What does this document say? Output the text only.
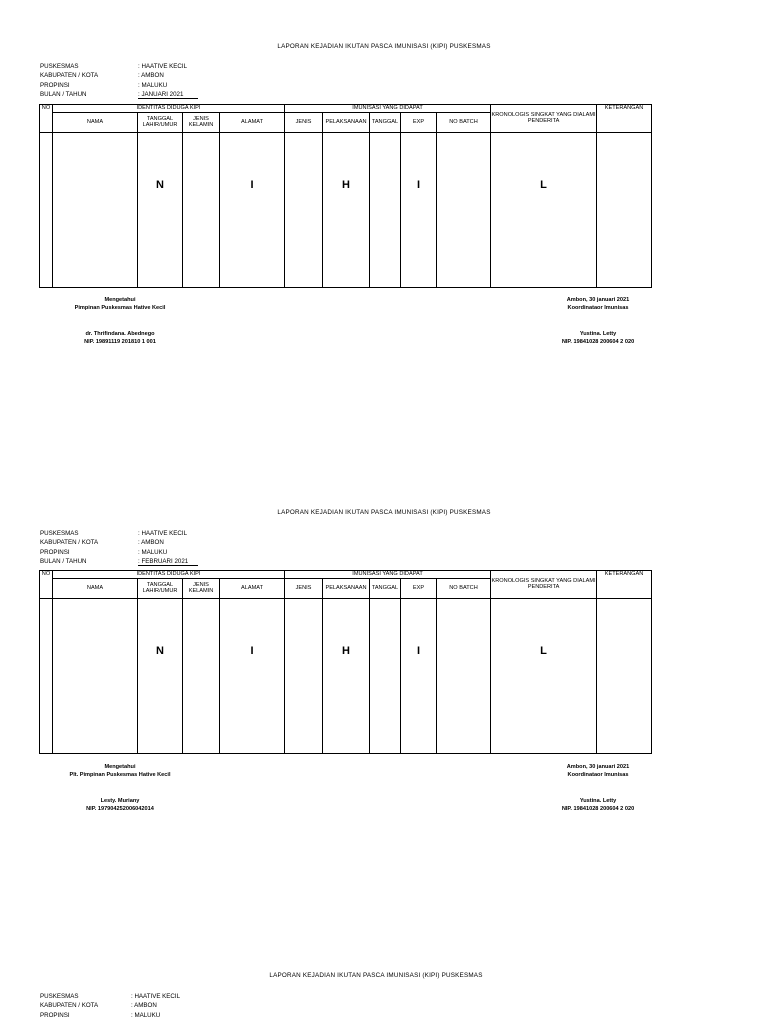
LAPORAN KEJADIAN IKUTAN PASCA IMUNISASI (KIPI) PUSKESMAS
PUSKESMAS	: HAATIVE KECIL
KABUPATEN / KOTA	: AMBON
PROPINSI	: MALUKU
BULAN / TAHUN	: JANUARI 2021
NO	IDENTITAS DIDUGA KIPI				IMUNISASI YANG DIDAPAT					KRONOLOGIS SINGKAT YANG DIALAMI PENDERITA	KETERANGAN
	NAMA	TANGGAL LAHIR/UMUR	JENIS KELAMIN	ALAMAT	JENIS	PELAKSANAAN	TANGGAL	EXP	NO BATCH		

		N		I		H		I		L	

Mengetahui
Pimpinan Puskesmas Hative Kecil
dr. Thrifindana. Abednego
NIP. 19891119 201810 1 001
Ambon, 30 januari 2021
Koordinataor Imunisas
Yustina. Letty
NIP. 19841028 200604 2 020
LAPORAN KEJADIAN IKUTAN PASCA IMUNISASI (KIPI) PUSKESMAS
PUSKESMAS	: HAATIVE KECIL
KABUPATEN / KOTA	: AMBON
PROPINSI	: MALUKU
BULAN / TAHUN	: FEBRUARI 2021
NO	IDENTITAS DIDUGA KIPI				IMUNISASI YANG DIDAPAT					KRONOLOGIS SINGKAT YANG DIALAMI PENDERITA	KETERANGAN
	NAMA	TANGGAL LAHIR/UMUR	JENIS KELAMIN	ALAMAT	JENIS	PELAKSANAAN	TANGGAL	EXP	NO BATCH		

		N		I		H		I		L	

Mengetahui
Plt. Pimpinan Puskesmas Hative Kecil
Lesty. Muriany
NIP. 197904252006042014
Ambon, 30 januari 2021
Koordinataor Imunisas
Yustina. Letty
NIP. 19841028 200604 2 020
LAPORAN KEJADIAN IKUTAN PASCA IMUNISASI (KIPI) PUSKESMAS
PUSKESMAS	: HAATIVE KECIL
KABUPATEN / KOTA	: AMBON
PROPINSI	: MALUKU
